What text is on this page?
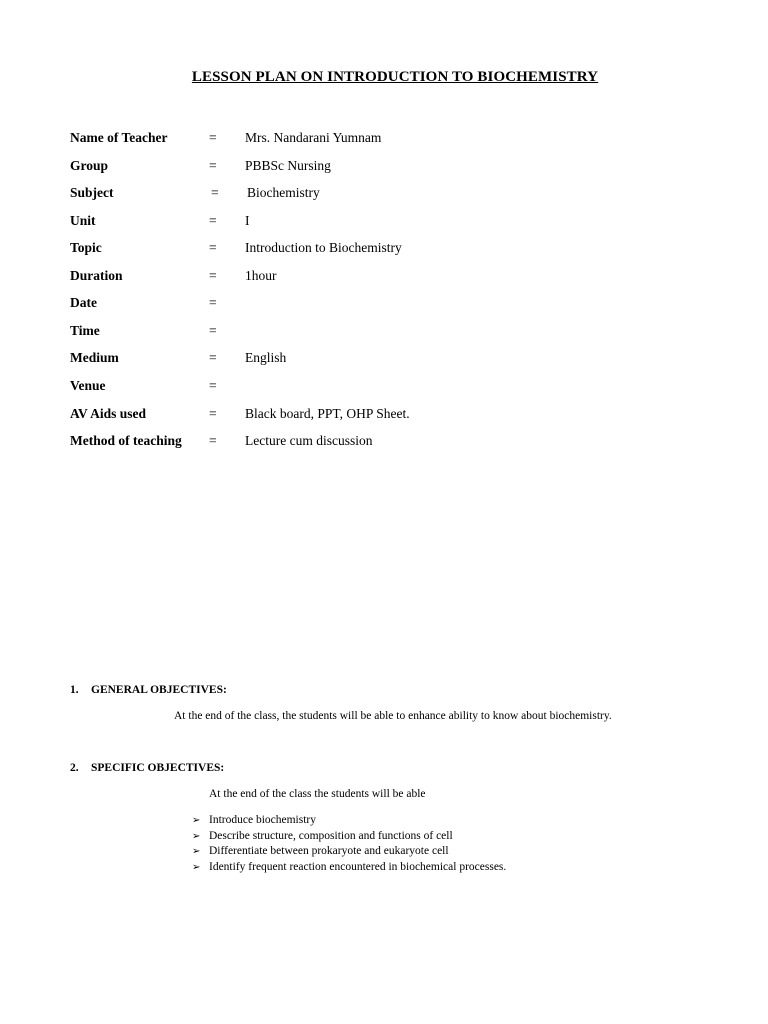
LESSON PLAN ON INTRODUCTION TO BIOCHEMISTRY
Name of Teacher	= Mrs. Nandarani Yumnam
Group	= PBBSc Nursing
Subject	= Biochemistry
Unit	= I
Topic	= Introduction to Biochemistry
Duration	= 1hour
Date	=
Time	=
Medium	= English
Venue	=
AV Aids used	= Black board, PPT, OHP Sheet.
Method of teaching = Lecture cum discussion
1. GENERAL OBJECTIVES:
At the end of the class, the students will be able to enhance ability to know about biochemistry.
2. SPECIFIC OBJECTIVES:
At the end of the class the students will be able
➢ Introduce biochemistry
➢ Describe structure, composition and functions of cell
➢ Differentiate between prokaryote and eukaryote cell
➢ Identify frequent reaction encountered in biochemical processes.
